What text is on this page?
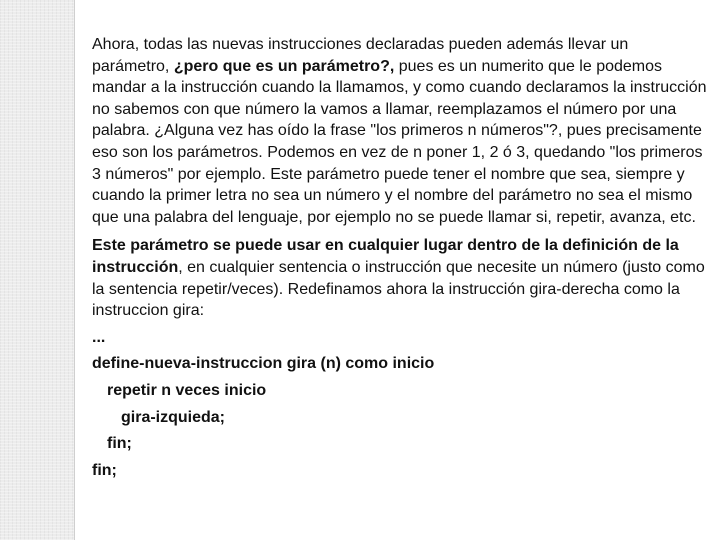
Ahora, todas las nuevas instrucciones declaradas pueden además llevar un parámetro, ¿pero que es un parámetro?, pues es un numerito que le podemos mandar a la instrucción cuando la llamamos, y como cuando declaramos la instrucción no sabemos con que número la vamos a llamar, reemplazamos el número por una palabra. ¿Alguna vez has oído la frase "los primeros n números"?, pues precisamente eso son los parámetros. Podemos en vez de n poner 1, 2 ó 3, quedando "los primeros 3 números" por ejemplo. Este parámetro puede tener el nombre que sea, siempre y cuando la primer letra no sea un número y el nombre del parámetro no sea el mismo que una palabra del lenguaje, por ejemplo no se puede llamar si, repetir, avanza, etc.

Este parámetro se puede usar en cualquier lugar dentro de la definición de la instrucción, en cualquier sentencia o instrucción que necesite un número (justo como la sentencia repetir/veces). Redefinamos ahora la instrucción gira-derecha como la instruccion gira:

...

define-nueva-instruccion gira (n) como inicio

repetir n veces inicio

gira-izquieda;

fin;

fin;
